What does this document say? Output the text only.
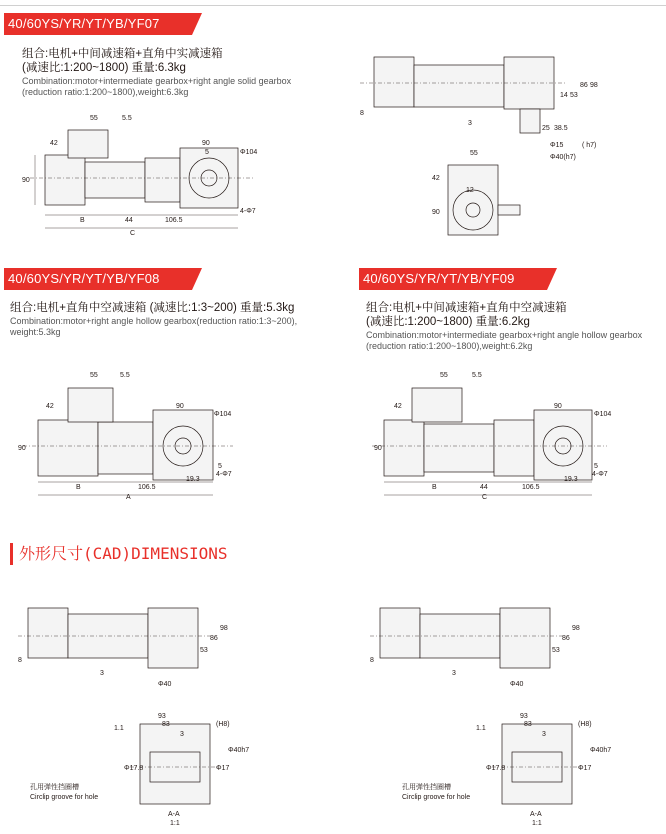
40/60YS/YR/YT/YB/YF07
组合:电机+中间减速箱+直角中实减速箱
(减速比:1:200~1800) 重量:6.3kg
Combination:motor+intermediate gearbox+right angle solid gearbox
(reduction ratio:1:200~1800),weight:6.3kg
90
55	5.5
42	90
Φ104
5
4-Φ7
B	44	106.5
C
8
3
14 53
86 98
25 38.5
Φ15	( h7)
Φ40(h7)
55
42
90
12
40/60YS/YR/YT/YB/YF08
组合:电机+直角中空减速箱 (减速比:1:3~200) 重量:5.3kg
Combination:motor+right angle hollow gearbox(reduction ratio:1:3~200),
weight:5.3kg
90
55	5.5
42	90
Φ104
5
4-Φ7
19.3
B	106.5
A
40/60YS/YR/YT/YB/YF09
组合:电机+中间减速箱+直角中空减速箱
(减速比:1:200~1800) 重量:6.2kg
Combination:motor+intermediate gearbox+right angle hollow gearbox
(reduction ratio:1:200~1800),weight:6.2kg
90
55	5.5
42	90
Φ104
5
4-Φ7
19.3
B	44	106.5
C
外形尺寸(CAD)DIMENSIONS
8
3
53
86
98
Φ40
93
83
1.1
3
Φ17.8	Φ17
Φ40h7
(H8)
孔用弹性挡圈槽
Circlip groove for hole
A-A
1:1
8
3
53
86
98
Φ40
93
83
1.1
3
Φ17.8	Φ17
Φ40h7
(H8)
孔用弹性挡圈槽
Circlip groove for hole
A-A
1:1
